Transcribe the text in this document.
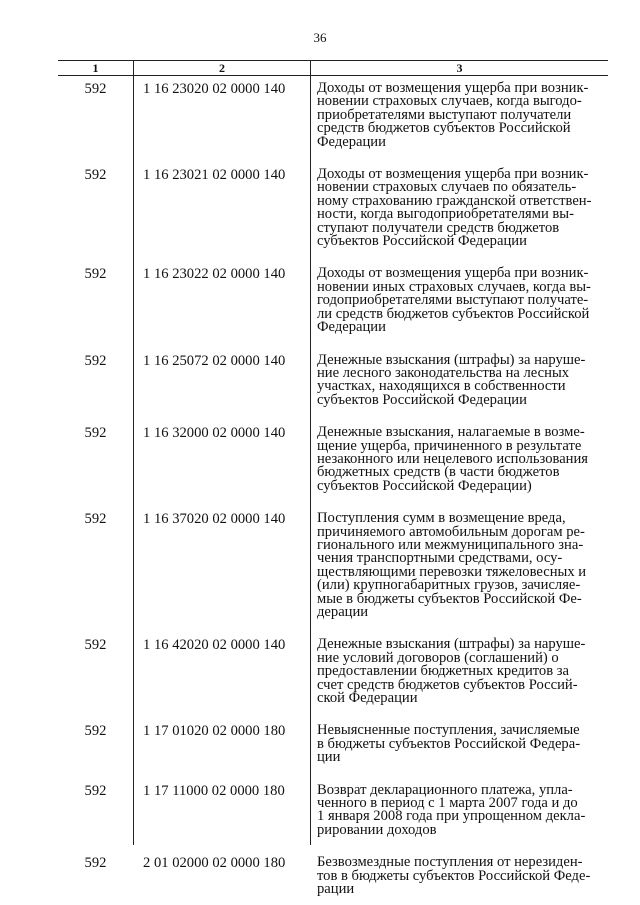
36
1	2	3
592	1 16 23020 02 0000 140	Доходы от возмещения ущерба при возник-
новении страховых случаев, когда выгодо-
приобретателями выступают получатели
средств бюджетов субъектов Российской
Федерации
592	1 16 23021 02 0000 140	Доходы от возмещения ущерба при возник-
новении страховых случаев по обязатель-
ному страхованию гражданской ответствен-
ности, когда выгодоприобретателями вы-
ступают получатели средств бюджетов
субъектов Российской Федерации
592	1 16 23022 02 0000 140	Доходы от возмещения ущерба при возник-
новении иных страховых случаев, когда вы-
годоприобретателями выступают получате-
ли средств бюджетов субъектов Российской
Федерации
592	1 16 25072 02 0000 140	Денежные взыскания (штрафы) за наруше-
ние лесного законодательства на лесных
участках, находящихся в собственности
субъектов Российской Федерации
592	1 16 32000 02 0000 140	Денежные взыскания, налагаемые в возме-
щение ущерба, причиненного в результате
незаконного или нецелевого использования
бюджетных средств (в части бюджетов
субъектов Российской Федерации)
592	1 16 37020 02 0000 140	Поступления сумм в возмещение вреда,
причиняемого автомобильным дорогам ре-
гионального или межмуниципального зна-
чения транспортными средствами, осу-
ществляющими перевозки тяжеловесных и
(или) крупногабаритных грузов, зачисляе-
мые в бюджеты субъектов Российской Фе-
дерации
592	1 16 42020 02 0000 140	Денежные взыскания (штрафы) за наруше-
ние условий договоров (соглашений) о
предоставлении бюджетных кредитов за
счет средств бюджетов субъектов Россий-
ской Федерации
592	1 17 01020 02 0000 180	Невыясненные поступления, зачисляемые
в бюджеты субъектов Российской Федера-
ции
592	1 17 11000 02 0000 180	Возврат декларационного платежа, упла-
ченного в период с 1 марта 2007 года и до
1 января 2008 года при упрощенном декла-
рировании доходов
592	2 01 02000 02 0000 180	Безвозмездные поступления от нерезиден-
тов в бюджеты субъектов Российской Феде-
рации
